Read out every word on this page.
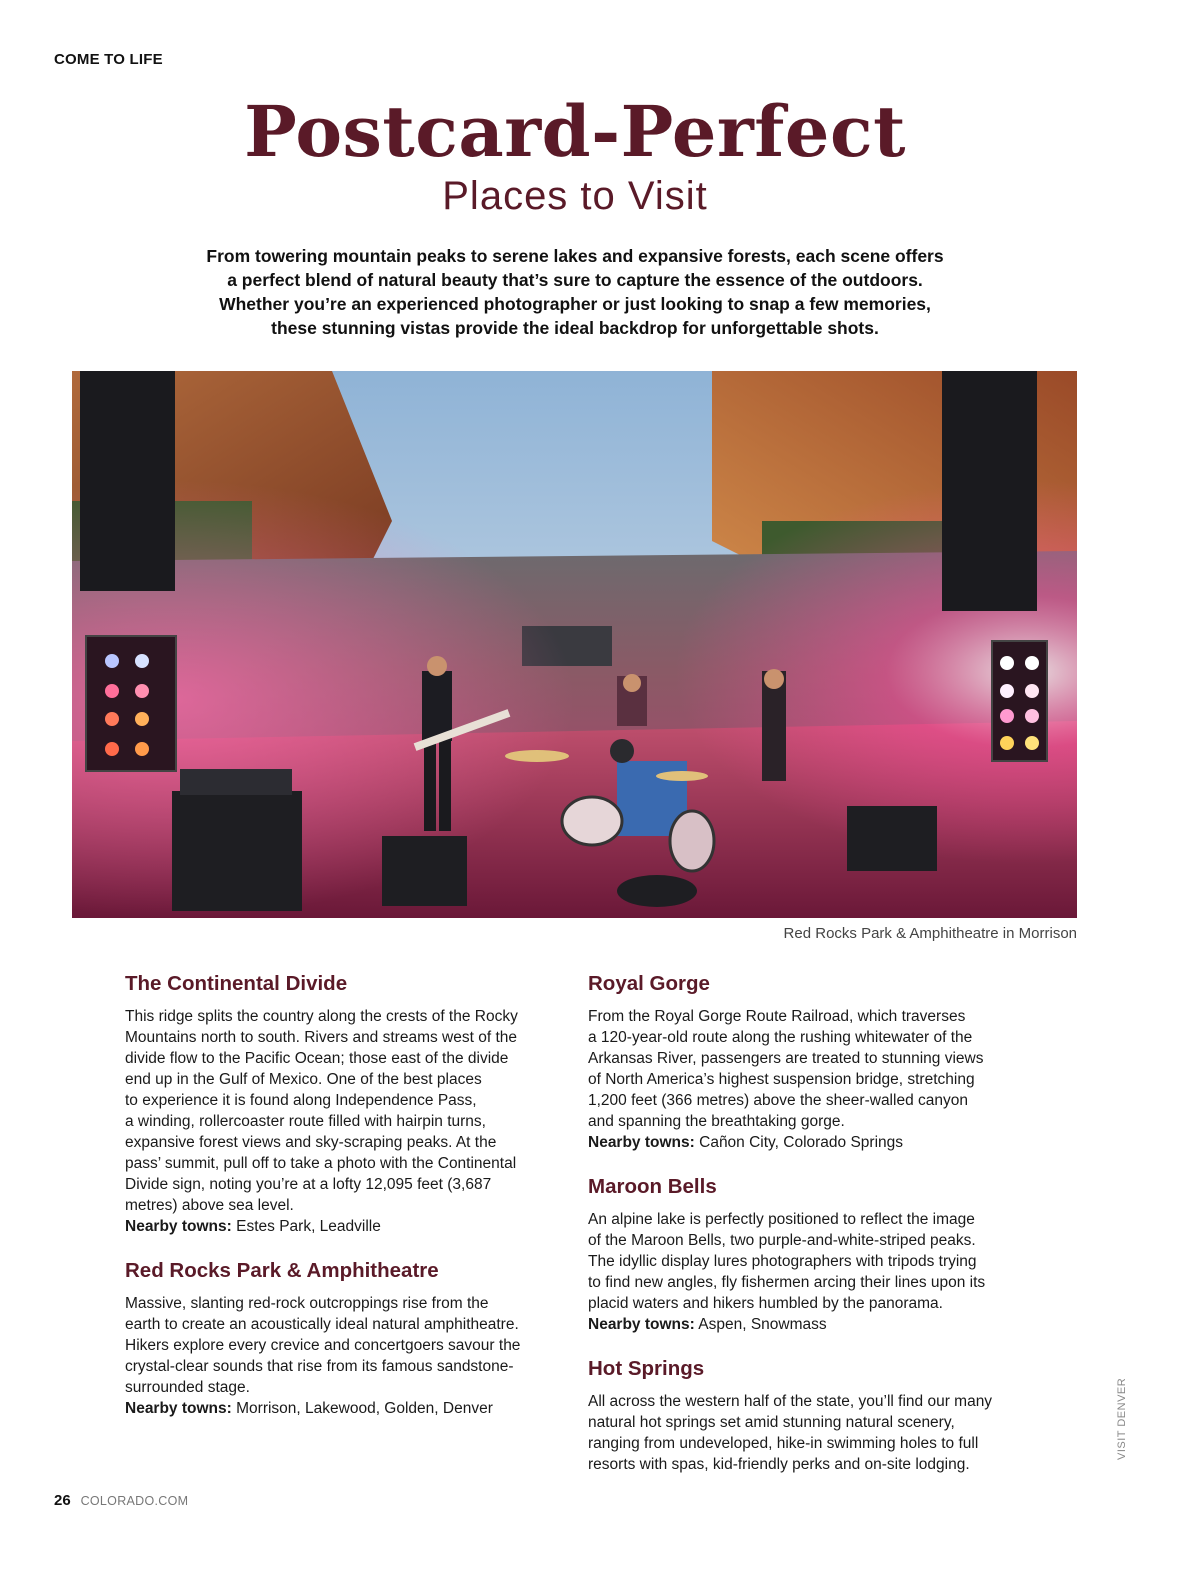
COME TO LIFE
Postcard-Perfect
Places to Visit
From towering mountain peaks to serene lakes and expansive forests, each scene offers
a perfect blend of natural beauty that’s sure to capture the essence of the outdoors.
Whether you’re an experienced photographer or just looking to snap a few memories,
these stunning vistas provide the ideal backdrop for unforgettable shots.
Red Rocks Park & Amphitheatre in Morrison
The Continental Divide

This ridge splits the country along the crests of the Rocky
Mountains north to south. Rivers and streams west of the
divide flow to the Pacific Ocean; those east of the divide
end up in the Gulf of Mexico. One of the best places
to experience it is found along Independence Pass,
a winding, rollercoaster route filled with hairpin turns,
expansive forest views and sky-scraping peaks. At the
pass’ summit, pull off to take a photo with the Continental
Divide sign, noting you’re at a lofty 12,095 feet (3,687
metres) above sea level.

Nearby towns: Estes Park, Leadville
Red Rocks Park & Amphitheatre

Massive, slanting red-rock outcroppings rise from the
earth to create an acoustically ideal natural amphitheatre.
Hikers explore every crevice and concertgoers savour the
crystal-clear sounds that rise from its famous sandstone-
surrounded stage.

Nearby towns: Morrison, Lakewood, Golden, Denver
Royal Gorge

From the Royal Gorge Route Railroad, which traverses
a 120-year-old route along the rushing whitewater of the
Arkansas River, passengers are treated to stunning views
of North America’s highest suspension bridge, stretching
1,200 feet (366 metres) above the sheer-walled canyon
and spanning the breathtaking gorge.

Nearby towns: Cañon City, Colorado Springs
Maroon Bells

An alpine lake is perfectly positioned to reflect the image
of the Maroon Bells, two purple-and-white-striped peaks.
The idyllic display lures photographers with tripods trying
to find new angles, fly fishermen arcing their lines upon its
placid waters and hikers humbled by the panorama.

Nearby towns: Aspen, Snowmass
Hot Springs

All across the western half of the state, you’ll find our many
natural hot springs set amid stunning natural scenery,
ranging from undeveloped, hike-in swimming holes to full
resorts with spas, kid-friendly perks and on-site lodging.

VISIT DENVER
26 COLORADO.COM
